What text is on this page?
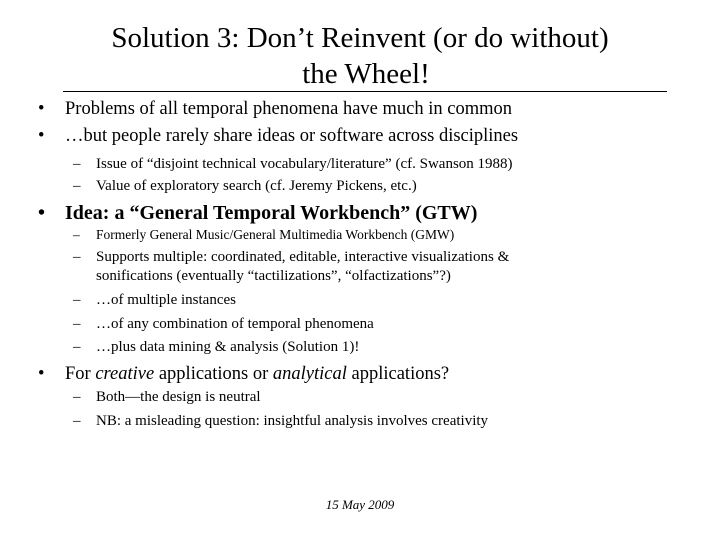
Solution 3: Don’t Reinvent (or do without)
the Wheel!
• Problems of all temporal phenomena have much in common
• …but people rarely share ideas or software across disciplines
– Issue of “disjoint technical vocabulary/literature” (cf. Swanson 1988)
– Value of exploratory search (cf. Jeremy Pickens, etc.)
• Idea: a “General Temporal Workbench” (GTW)
– Formerly General Music/General Multimedia Workbench (GMW)
– Supports multiple: coordinated, editable, interactive visualizations &
sonifications (eventually “tactilizations”, “olfactizations”?)
– …of multiple instances
– …of any combination of temporal phenomena
– …plus data mining & analysis (Solution 1)!
• For creative applications or analytical applications?
– Both—the design is neutral
– NB: a misleading question: insightful analysis involves creativity
15 May 2009
